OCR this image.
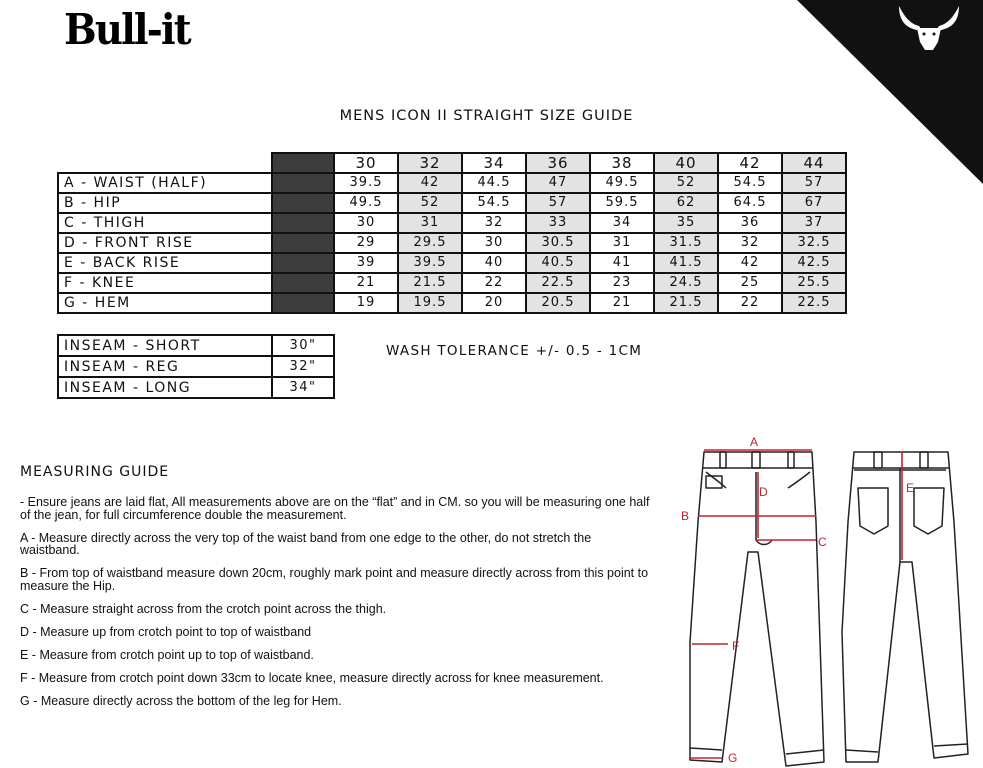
Bull-it
MENS ICON II STRAIGHT SIZE GUIDE
		30	32	34	36	38	40	42	44
A - WAIST (HALF)		39.5	42	44.5	47	49.5	52	54.5	57
B - HIP		49.5	52	54.5	57	59.5	62	64.5	67
C - THIGH		30	31	32	33	34	35	36	37
D - FRONT RISE		29	29.5	30	30.5	31	31.5	32	32.5
E - BACK RISE		39	39.5	40	40.5	41	41.5	42	42.5
F - KNEE		21	21.5	22	22.5	23	24.5	25	25.5
G - HEM		19	19.5	20	20.5	21	21.5	22	22.5
INSEAM - SHORT	30"
INSEAM - REG	32"
INSEAM - LONG	34"
WASH TOLERANCE +/- 0.5 - 1CM
MEASURING GUIDE

- Ensure jeans are laid flat, All measurements above are on the “flat” and in CM. so you will be measuring one half of the jean, for full circumference double the measurement.

A - Measure directly across the very top of the waist band from one edge to the other, do not stretch the waistband.

B - From top of waistband measure down 20cm, roughly mark point and measure directly across from this point to measure the Hip.

C - Measure straight across from the crotch point across the thigh.

D - Measure up from crotch point to top of waistband

E - Measure from crotch point up to top of waistband.

F - Measure from crotch point down 33cm to locate knee, measure directly across for knee measurement.

G - Measure directly across the bottom of the leg for Hem.

A
B
C
D	E
F
G
